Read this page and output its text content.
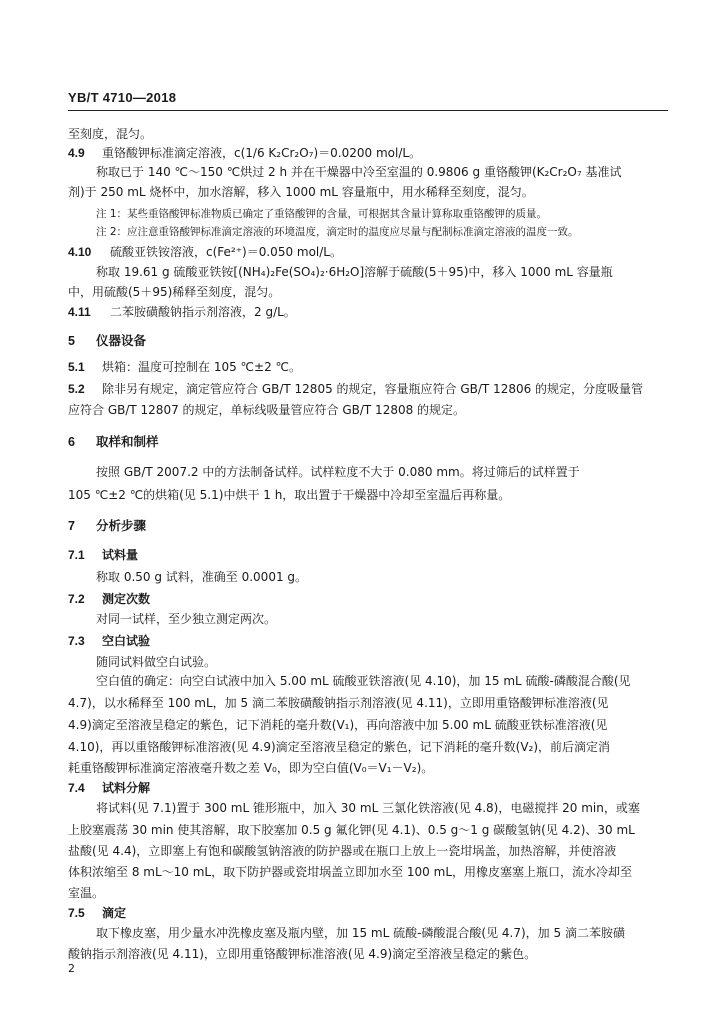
YB/T 4710—2018
至刻度，混匀。
4.9 重铬酸钾标准滴定溶液，c(1/6 K₂Cr₂O₇)＝0.0200 mol/L。
称取已于 140 ℃～150 ℃烘过 2 h 并在干燥器中冷至室温的 0.9806 g 重铬酸钾(K₂Cr₂O₇ 基准试
剂)于 250 mL 烧杯中，加水溶解，移入 1000 mL 容量瓶中，用水稀释至刻度，混匀。
注 1：某些重铬酸钾标准物质已确定了重铬酸钾的含量，可根据其含量计算称取重铬酸钾的质量。
注 2：应注意重铬酸钾标准滴定溶液的环境温度，滴定时的温度应尽量与配制标准滴定溶液的温度一致。
4.10 硫酸亚铁铵溶液，c(Fe²⁺)＝0.050 mol/L。
称取 19.61 g 硫酸亚铁铵[(NH₄)₂Fe(SO₄)₂·6H₂O]溶解于硫酸(5＋95)中，移入 1000 mL 容量瓶
中，用硫酸(5＋95)稀释至刻度，混匀。
4.11 二苯胺磺酸钠指示剂溶液，2 g/L。
5 仪器设备
5.1 烘箱：温度可控制在 105 ℃±2 ℃。
5.2 除非另有规定，滴定管应符合 GB/T 12805 的规定，容量瓶应符合 GB/T 12806 的规定，分度吸量管
应符合 GB/T 12807 的规定，单标线吸量管应符合 GB/T 12808 的规定。
6 取样和制样
按照 GB/T 2007.2 中的方法制备试样。试样粒度不大于 0.080 mm。将过筛后的试样置于
105 ℃±2 ℃的烘箱(见 5.1)中烘干 1 h，取出置于干燥器中冷却至室温后再称量。
7 分析步骤
7.1 试料量
称取 0.50 g 试料，准确至 0.0001 g。
7.2 测定次数
对同一试样，至少独立测定两次。
7.3 空白试验
随同试料做空白试验。
空白值的确定：向空白试液中加入 5.00 mL 硫酸亚铁溶液(见 4.10)，加 15 mL 硫酸-磷酸混合酸(见
4.7)，以水稀释至 100 mL，加 5 滴二苯胺磺酸钠指示剂溶液(见 4.11)，立即用重铬酸钾标准溶液(见
4.9)滴定至溶液呈稳定的紫色，记下消耗的毫升数(V₁)，再向溶液中加 5.00 mL 硫酸亚铁标准溶液(见
4.10)，再以重铬酸钾标准溶液(见 4.9)滴定至溶液呈稳定的紫色，记下消耗的毫升数(V₂)，前后滴定消
耗重铬酸钾标准滴定溶液毫升数之差 V₀，即为空白值(V₀＝V₁－V₂)。
7.4 试料分解
将试料(见 7.1)置于 300 mL 锥形瓶中，加入 30 mL 三氯化铁溶液(见 4.8)，电磁搅拌 20 min，或塞
上胶塞震荡 30 min 使其溶解，取下胶塞加 0.5 g 氟化钾(见 4.1)、0.5 g～1 g 碳酸氢钠(见 4.2)、30 mL
盐酸(见 4.4)，立即塞上有饱和碳酸氢钠溶液的防护器或在瓶口上放上一瓷坩埚盖，加热溶解，并使溶液
体积浓缩至 8 mL～10 mL，取下防护器或瓷坩埚盖立即加水至 100 mL，用橡皮塞塞上瓶口，流水冷却至
室温。
7.5 滴定
取下橡皮塞，用少量水冲洗橡皮塞及瓶内壁，加 15 mL 硫酸-磷酸混合酸(见 4.7)，加 5 滴二苯胺磺
酸钠指示剂溶液(见 4.11)，立即用重铬酸钾标准溶液(见 4.9)滴定至溶液呈稳定的紫色。
2
